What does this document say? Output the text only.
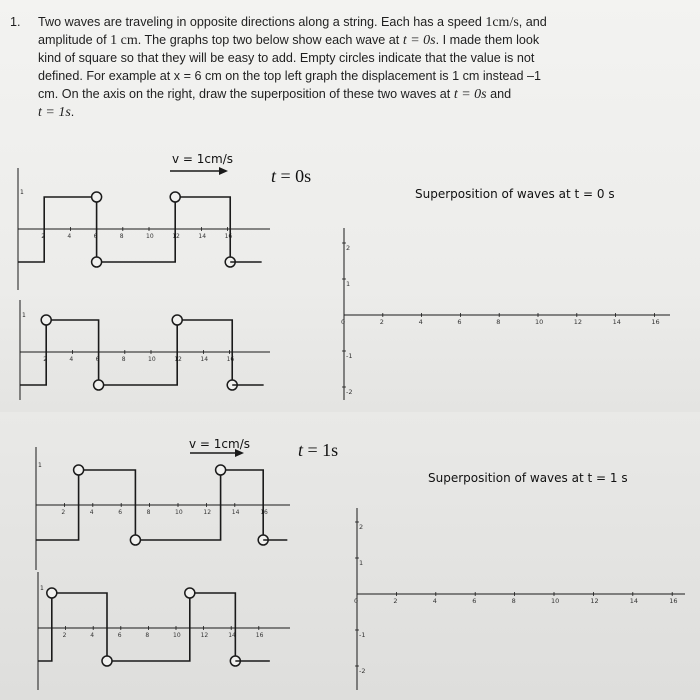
1. Two waves are traveling in opposite directions along a string. Each has a speed 1cm/s, and
amplitude of 1 cm. The graphs top two below show each wave at t = 0s. I made them look
kind of square so that they will be easy to add. Empty circles indicate that the value is not
defined. For example at x = 6 cm on the top left graph the displacement is 1 cm instead –1
cm. On the axis on the right, draw the superposition of these two waves at t = 0s and
t = 1s.
v = 1cm/s
t = 0s
Superposition of waves at t = 0 s
v = 1cm/s	t = 1s
Superposition of waves at t = 1 s
1
2	4	6	8	10	12	14	16
1
2	4	6	8	10	12	14	16
1
2	4	6	8	10	12	14	16
1
2	4	6	8	10	12	14	16
0	2	4	6	8	10	12	14	16
2
1
-1
-2
0	2	4	6	8	10	12	14	16
2
1
-1
-2
